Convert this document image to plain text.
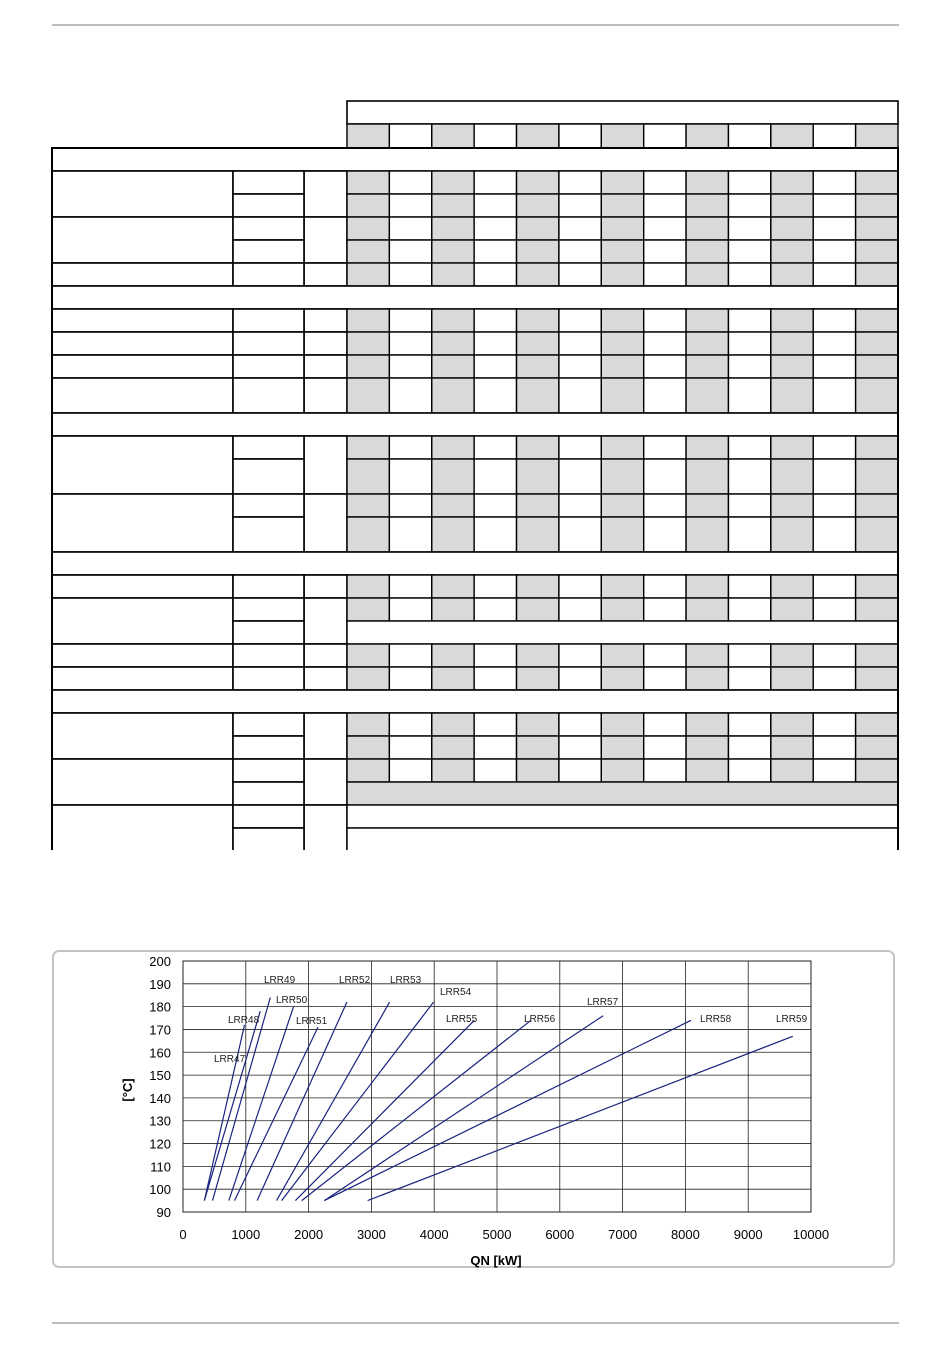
LRR47
LRR48
LRR49
LRR50
LRR51
LRR52 LRR53
LRR54
LRR55	LRR56
LRR57
LRR58	LRR59
0	1000	2000	3000	4000	5000	6000	7000	8000	9000 10000
90
100
110
120
130
140
150
160
170
180
190
200
QN [kW]
[°C]
